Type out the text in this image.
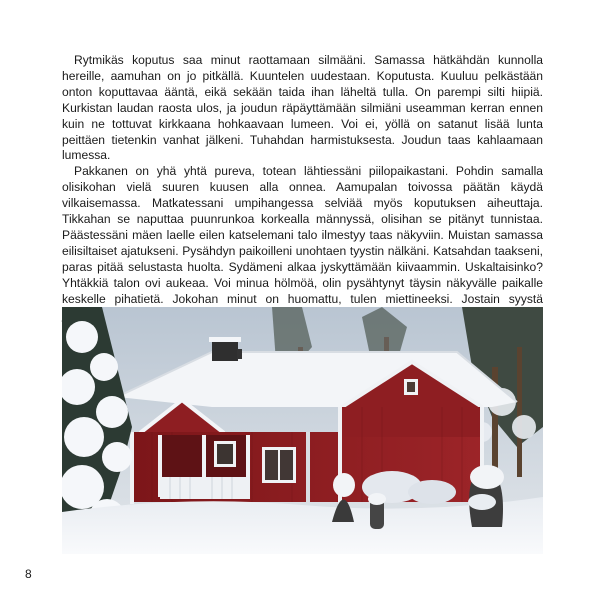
Rytmikäs koputus saa minut raottamaan silmääni. Samassa hätkähdän kunnolla hereille, aamuhan on jo pitkällä. Kuuntelen uudestaan. Koputusta. Kuuluu pelkästään onton koputtavaa ääntä, eikä sekään taida ihan läheltä tulla. On parempi silti hiipiä. Kurkistan laudan raosta ulos, ja joudun räpäyttämään silmiäni useamman kerran ennen kuin ne tottuvat kirkkaana hohkaavaan lumeen. Voi ei, yöllä on satanut lisää lunta peittäen tietenkin vanhat jälkeni. Tuhahdan harmistuksesta. Joudun taas kahlaamaan lumessa.

Pakkanen on yhä yhtä pureva, totean lähtiessäni piilopaikastani. Pohdin samalla olisikohan vielä suuren kuusen alla onnea. Aamupalan toivossa päätän käydä vilkaisemassa. Matkatessani umpihangessa selviää myös koputuksen aiheuttaja. Tikkahan se naputtaa puunrunkoa korkealla männyssä, olisihan se pitänyt tunnistaa. Päästessäni mäen laelle eilen katselemani talo ilmestyy taas näkyviin. Muistan samassa eilisiltaiset ajatukseni. Pysähdyn paikoilleni unohtaen tyystin nälkäni. Katsahdan taakseni, paras pitää selustasta huolta. Sydämeni alkaa jyskyttämään kiivaammin. Uskaltaisinko? Yhtäkkiä talon ovi aukeaa. Voi minua hölmöä, olin pysähtynyt täysin näkyvälle paikalle keskelle pihatietä. Jokohan minut on huomattu, tulen miettineeksi. Jostain syystä

8
